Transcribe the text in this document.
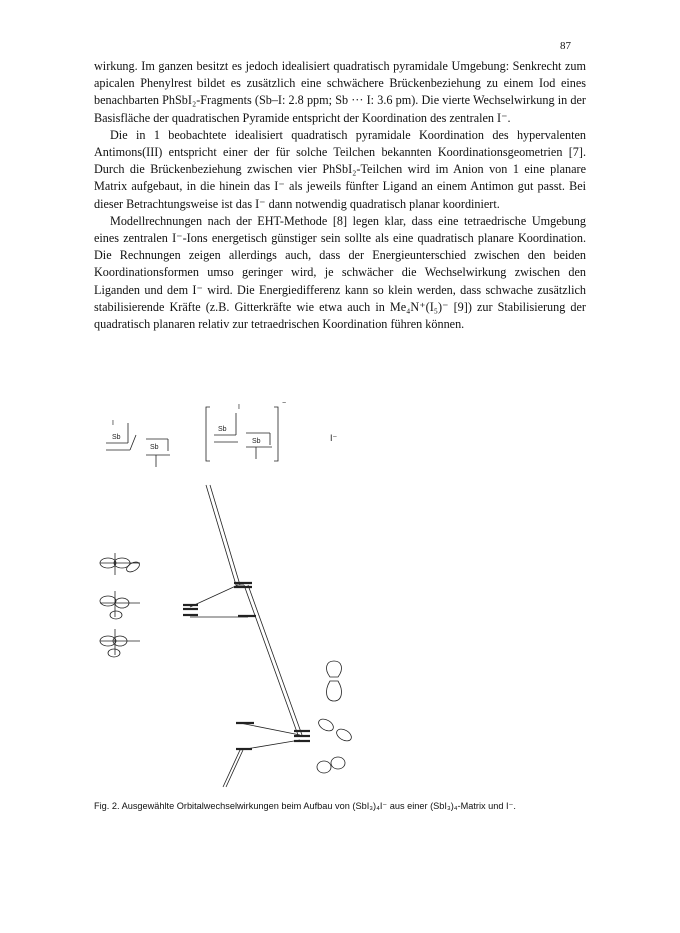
87

wirkung. Im ganzen besitzt es jedoch idealisiert quadratisch pyramidale Umgebung: Senkrecht zum apicalen Phenylrest bildet es zusätzlich eine schwächere Brückenbeziehung zu einem Iod eines benachbarten PhSbI₂-Fragments (Sb–I: 2.8 ppm; Sb ··· I: 3.6 pm). Die vierte Wechselwirkung in der Basisfläche der quadratischen Pyramide entspricht der Koordination des zentralen I⁻.

Die in 1 beobachtete idealisiert quadratisch pyramidale Koordination des hypervalenten Antimons(III) entspricht einer der für solche Teilchen bekannten Koordinationsgeometrien [7]. Durch die Brückenbeziehung zwischen vier PhSbI₂-Teilchen wird im Anion von 1 eine planare Matrix aufgebaut, in die hinein das I⁻ als jeweils fünfter Ligand an einem Antimon gut passt. Bei dieser Betrachtungsweise ist das I⁻ dann notwendig quadratisch planar koordiniert.

Modellrechnungen nach der EHT-Methode [8] legen klar, dass eine tetraedrische Umgebung eines zentralen I⁻-Ions energetisch günstiger sein sollte als eine quadratisch planare Koordination. Die Rechnungen zeigen allerdings auch, dass der Energieunterschied zwischen den beiden Koordinationsformen umso geringer wird, je schwächer die Wechselwirkung zwischen den Liganden und dem I⁻ wird. Die Energiedifferenz kann so klein werden, dass schwache zusätzlich stabilisierende Kräfte (z.B. Gitterkräfte wie etwa auch in Me₄N⁺(I₅)⁻ [9]) zur Stabilisierung der quadratisch planaren relativ zur tetraedrischen Koordination führen können.

I
Sb
Sb
I
Sb
Sb
−
I⁻
Fig. 2. Ausgewählte Orbitalwechselwirkungen beim Aufbau von (SbI₃)₄I⁻ aus einer (SbI₃)₄-Matrix und I⁻.
